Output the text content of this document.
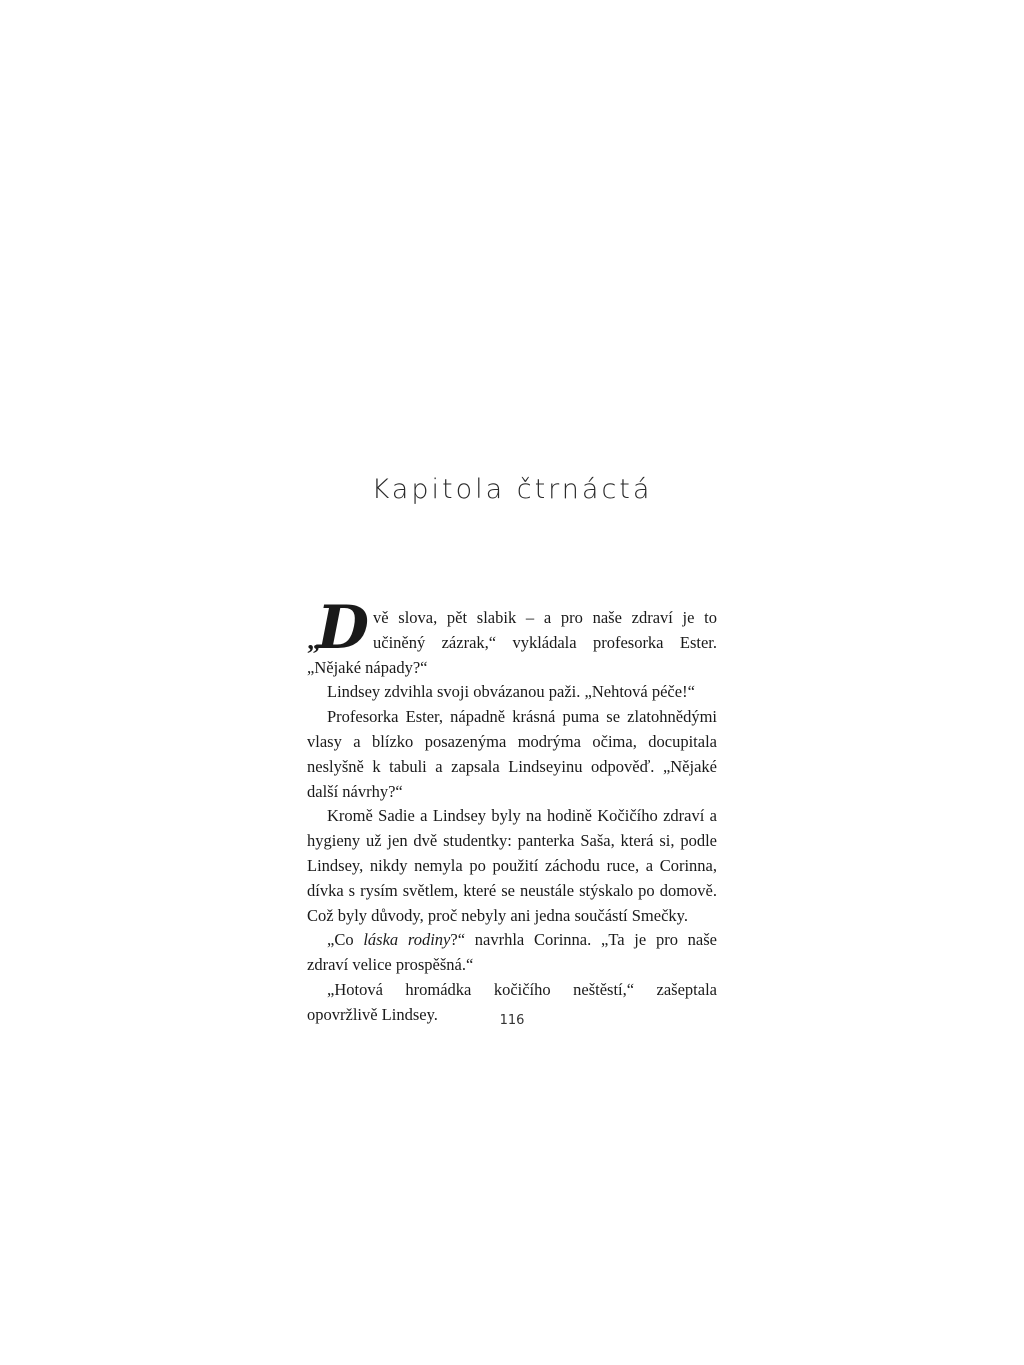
Kapitola čtrnáctá

„
D vě slova, pět slabik – a pro naše zdraví je to učiněný zázrak,“ vykládala profesorka Ester. „Nějaké nápady?“

Lindsey zdvihla svoji obvázanou paži. „Nehtová péče!“

Profesorka Ester, nápadně krásná puma se zlatohnědými vlasy a blízko posazenýma modrýma očima, docupitala neslyšně k tabuli a zapsala Lindseyinu odpověď. „Nějaké další návrhy?“

Kromě Sadie a Lindsey byly na hodině Kočičího zdraví a hygieny už jen dvě studentky: panterka Saša, která si, podle Lindsey, nikdy nemyla po použití záchodu ruce, a Corinna, dívka s rysím světlem, které se neustále stýskalo po domově. Což byly důvody, proč nebyly ani jedna součástí Smečky.

„Co láska rodiny?“ navrhla Corinna. „Ta je pro naše zdraví velice prospěšná.“

„Hotová hromádka kočičího neštěstí,“ zašeptala opovržlivě Lindsey.	116
